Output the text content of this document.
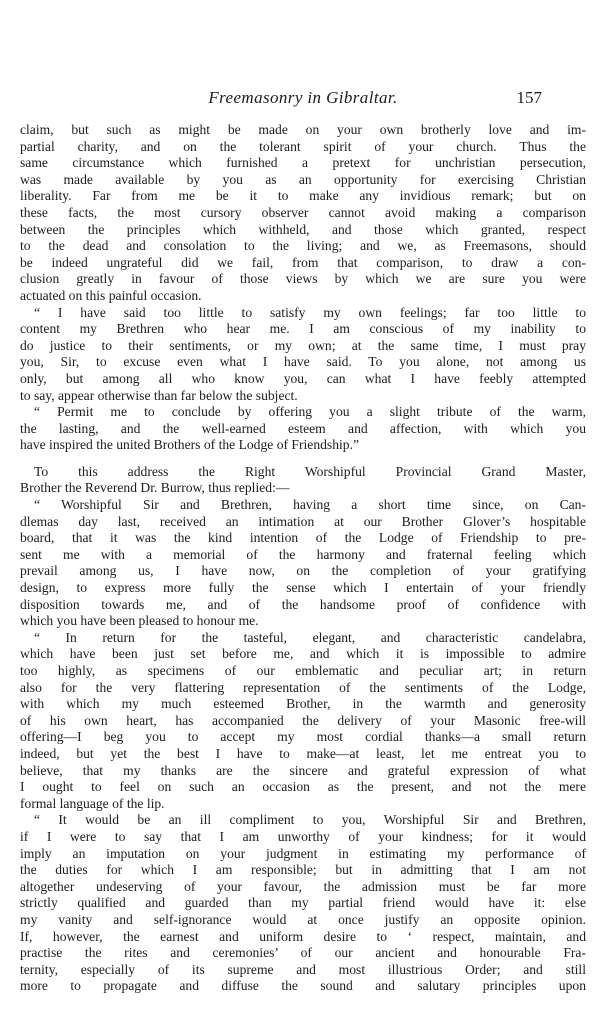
Freemasonry in Gibraltar.	157
claim, but such as might be made on your own brotherly love and im-
partial charity, and on the tolerant spirit of your church. Thus the
same circumstance which furnished a pretext for unchristian persecution,
was made available by you as an opportunity for exercising Christian
liberality. Far from me be it to make any invidious remark; but on
these facts, the most cursory observer cannot avoid making a comparison
between the principles which withheld, and those which granted, respect
to the dead and consolation to the living; and we, as Freemasons, should
be indeed ungrateful did we fail, from that comparison, to draw a con-
clusion greatly in favour of those views by which we are sure you were
actuated on this painful occasion.
“ I have said too little to satisfy my own feelings; far too little to
content my Brethren who hear me. I am conscious of my inability to
do justice to their sentiments, or my own; at the same time, I must pray
you, Sir, to excuse even what I have said. To you alone, not among us
only, but among all who know you, can what I have feebly attempted
to say, appear otherwise than far below the subject.
“ Permit me to conclude by offering you a slight tribute of the warm,
the lasting, and the well-earned esteem and affection, with which you
have inspired the united Brothers of the Lodge of Friendship.”
To this address the Right Worshipful Provincial Grand Master,
Brother the Reverend Dr. Burrow, thus replied:—
“ Worshipful Sir and Brethren, having a short time since, on Can-
dlemas day last, received an intimation at our Brother Glover’s hospitable
board, that it was the kind intention of the Lodge of Friendship to pre-
sent me with a memorial of the harmony and fraternal feeling which
prevail among us, I have now, on the completion of your gratifying
design, to express more fully the sense which I entertain of your friendly
disposition towards me, and of the handsome proof of confidence with
which you have been pleased to honour me.
“ In return for the tasteful, elegant, and characteristic candelabra,
which have been just set before me, and which it is impossible to admire
too highly, as specimens of our emblematic and peculiar art; in return
also for the very flattering representation of the sentiments of the Lodge,
with which my much esteemed Brother, in the warmth and generosity
of his own heart, has accompanied the delivery of your Masonic free-will
offering—I beg you to accept my most cordial thanks—a small return
indeed, but yet the best I have to make—at least, let me entreat you to
believe, that my thanks are the sincere and grateful expression of what
I ought to feel on such an occasion as the present, and not the mere
formal language of the lip.
“ It would be an ill compliment to you, Worshipful Sir and Brethren,
if I were to say that I am unworthy of your kindness; for it would
imply an imputation on your judgment in estimating my performance of
the duties for which I am responsible; but in admitting that I am not
altogether undeserving of your favour, the admission must be far more
strictly qualified and guarded than my partial friend would have it: else
my vanity and self-ignorance would at once justify an opposite opinion.
If, however, the earnest and uniform desire to ‘ respect, maintain, and
practise the rites and ceremonies’ of our ancient and honourable Fra-
ternity, especially of its supreme and most illustrious Order; and still
more to propagate and diffuse the sound and salutary principles upon
